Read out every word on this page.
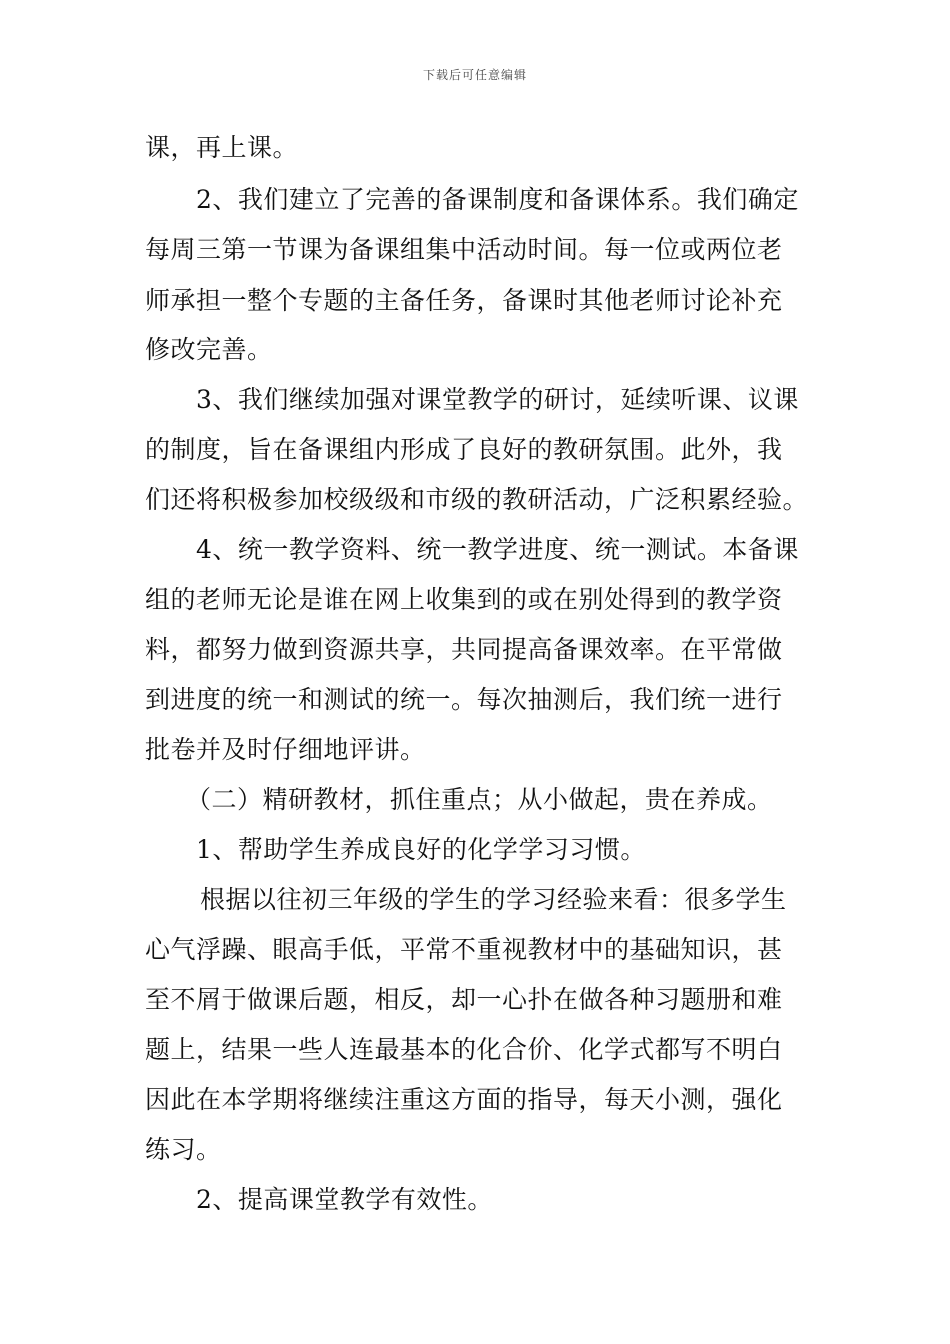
下载后可任意编辑
课，再上课。
2、我们建立了完善的备课制度和备课体系。我们确定
每周三第一节课为备课组集中活动时间。每一位或两位老
师承担一整个专题的主备任务，备课时其他老师讨论补充
修改完善。
3、我们继续加强对课堂教学的研讨，延续听课、议课
的制度，旨在备课组内形成了良好的教研氛围。此外，我
们还将积极参加校级级和市级的教研活动，广泛积累经验。
4、统一教学资料、统一教学进度、统一测试。本备课
组的老师无论是谁在网上收集到的或在别处得到的教学资
料，都努力做到资源共享，共同提高备课效率。在平常做
到进度的统一和测试的统一。每次抽测后，我们统一进行
批卷并及时仔细地评讲。
（二）精研教材，抓住重点；从小做起，贵在养成。
1、帮助学生养成良好的化学学习习惯。
根据以往初三年级的学生的学习经验来看：很多学生
心气浮躁、眼高手低，平常不重视教材中的基础知识，甚
至不屑于做课后题，相反，却一心扑在做各种习题册和难
题上，结果一些人连最基本的化合价、化学式都写不明白
因此在本学期将继续注重这方面的指导，每天小测，强化
练习。
2、提高课堂教学有效性。
